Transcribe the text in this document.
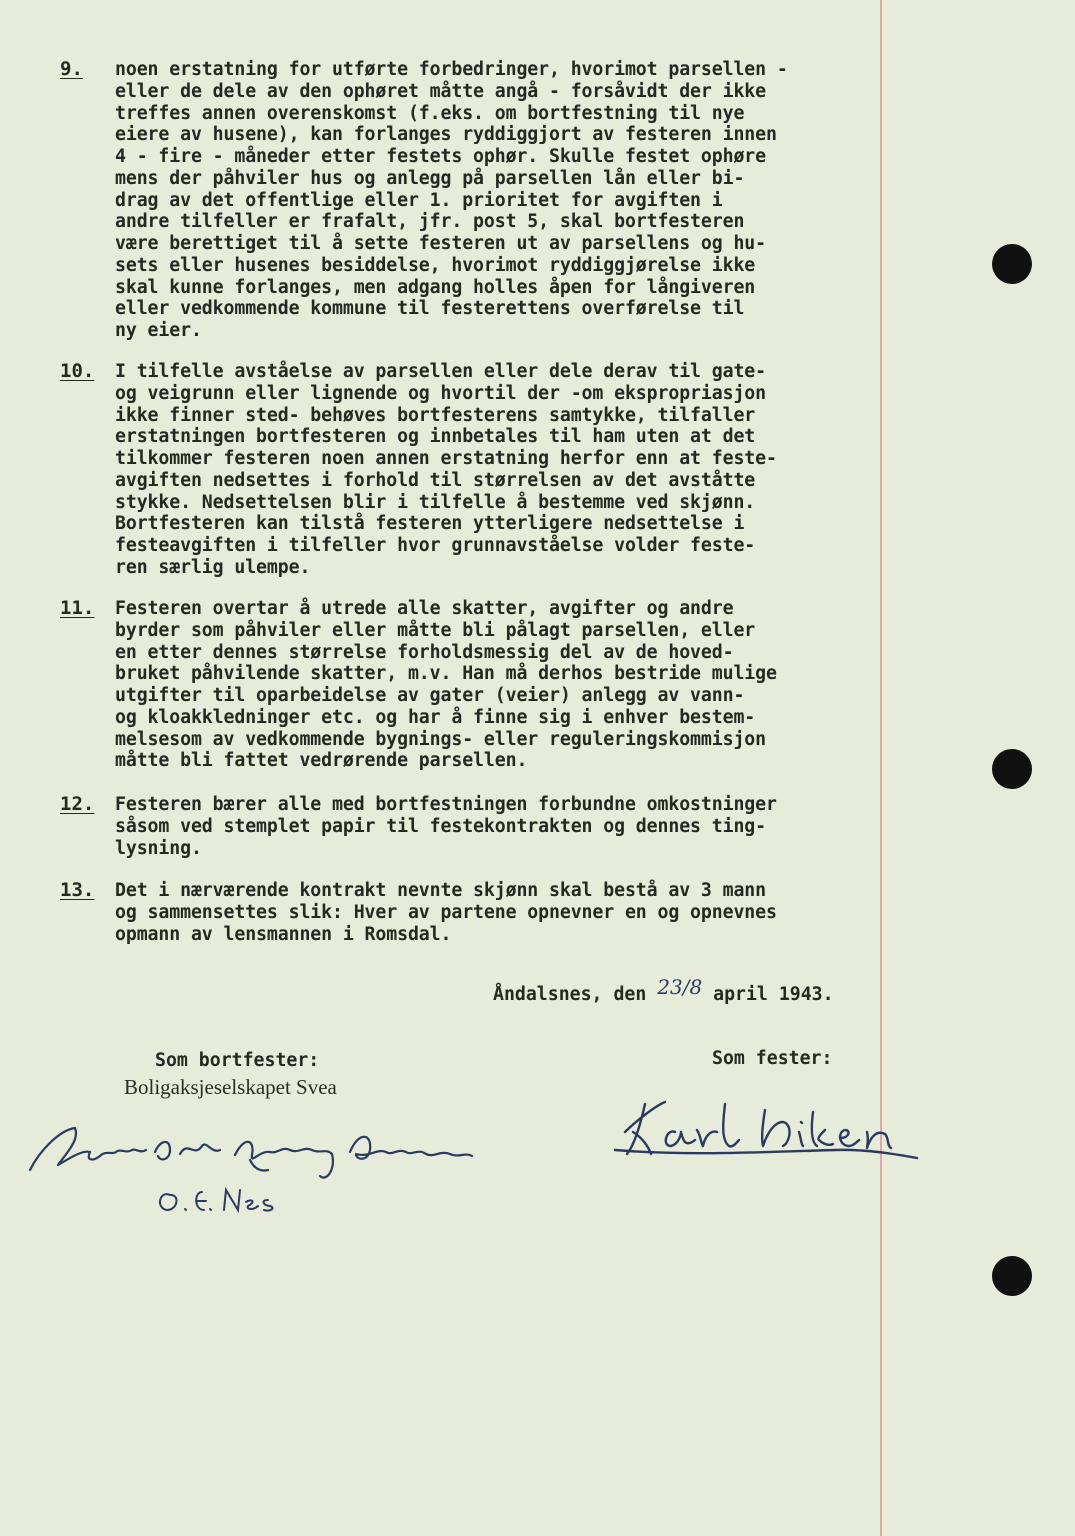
9.	noen erstatning for utførte forbedringer, hvorimot parsellen -
eller de dele av den ophøret måtte angå - forsåvidt der ikke
treffes annen overenskomst (f.eks. om bortfestning til nye
eiere av husene), kan forlanges ryddiggjort av festeren innen
4 - fire - måneder etter festets ophør. Skulle festet ophøre
mens der påhviler hus og anlegg på parsellen lån eller bi-
drag av det offentlige eller 1. prioritet for avgiften i
andre tilfeller er frafalt, jfr. post 5, skal bortfesteren
være berettiget til å sette festeren ut av parsellens og hu-
sets eller husenes besiddelse, hvorimot ryddiggjørelse ikke
skal kunne forlanges, men adgang holles åpen for långiveren
eller vedkommende kommune til festerettens overførelse til
ny eier.
10.	I tilfelle avståelse av parsellen eller dele derav til gate-
og veigrunn eller lignende og hvortil der -om ekspropriasjon
ikke finner sted- behøves bortfesterens samtykke, tilfaller
erstatningen bortfesteren og innbetales til ham uten at det
tilkommer festeren noen annen erstatning herfor enn at feste-
avgiften nedsettes i forhold til størrelsen av det avståtte
stykke. Nedsettelsen blir i tilfelle å bestemme ved skjønn.
Bortfesteren kan tilstå festeren ytterligere nedsettelse i
festeavgiften i tilfeller hvor grunnavståelse volder feste-
ren særlig ulempe.
11.	Festeren overtar å utrede alle skatter, avgifter og andre
byrder som påhviler eller måtte bli pålagt parsellen, eller
en etter dennes størrelse forholdsmessig del av de hoved-
bruket påhvilende skatter, m.v. Han må derhos bestride mulige
utgifter til oparbeidelse av gater (veier) anlegg av vann-
og kloakkledninger etc. og har å finne sig i enhver bestem-
melsesom av vedkommende bygnings- eller reguleringskommisjon
måtte bli fattet vedrørende parsellen.
12.	Festeren bærer alle med bortfestningen forbundne omkostninger
såsom ved stemplet papir til festekontrakten og dennes ting-
lysning.
13.	Det i nærværende kontrakt nevnte skjønn skal bestå av 3 mann
og sammensettes slik: Hver av partene opnevner en og opnevnes
opmann av lensmannen i Romsdal.
Åndalsnes, den 23/8 april 1943.
Som bortfester:	Som fester:
Boligaksjeselskapet Svea
